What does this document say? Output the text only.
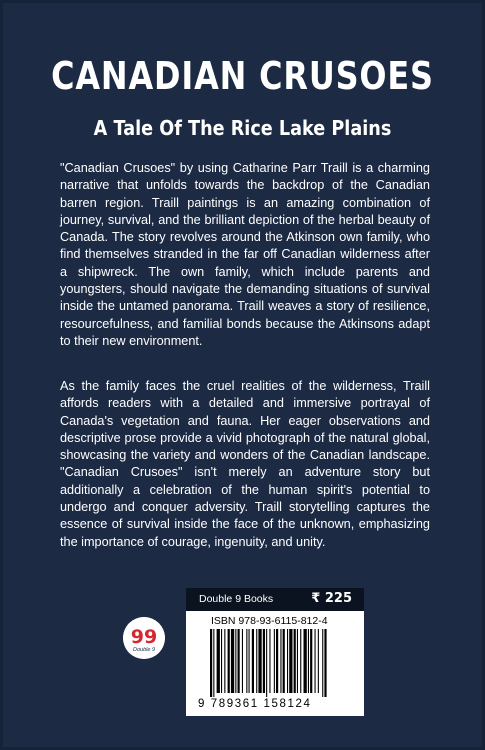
CANADIAN CRUSOES
A Tale Of The Rice Lake Plains

"Canadian Crusoes" by using Catharine Parr Traill is a charming narrative that unfolds towards the backdrop of the Canadian barren region. Traill paintings is an amazing combination of journey, survival, and the brilliant depiction of the herbal beauty of Canada. The story revolves around the Atkinson own family, who find themselves stranded in the far off Canadian wilderness after a shipwreck. The own family, which include parents and youngsters, should navigate the demanding situations of survival inside the untamed panorama. Traill weaves a story of resilience, resourcefulness, and familial bonds because the Atkinsons adapt to their new environment.

As the family faces the cruel realities of the wilderness, Traill affords readers with a detailed and immersive portrayal of Canada's vegetation and fauna. Her eager observations and descriptive prose provide a vivid photograph of the natural global, showcasing the variety and wonders of the Canadian landscape. "Canadian Crusoes" isn't merely an adventure story but additionally a celebration of the human spirit's potential to undergo and conquer adversity. Traill storytelling captures the essence of survival inside the face of the unknown, emphasizing the importance of courage, ingenuity, and unity.

99
Double 9
Double 9 Books	₹ 225
ISBN 978-93-6115-812-4
9 789361 158124
